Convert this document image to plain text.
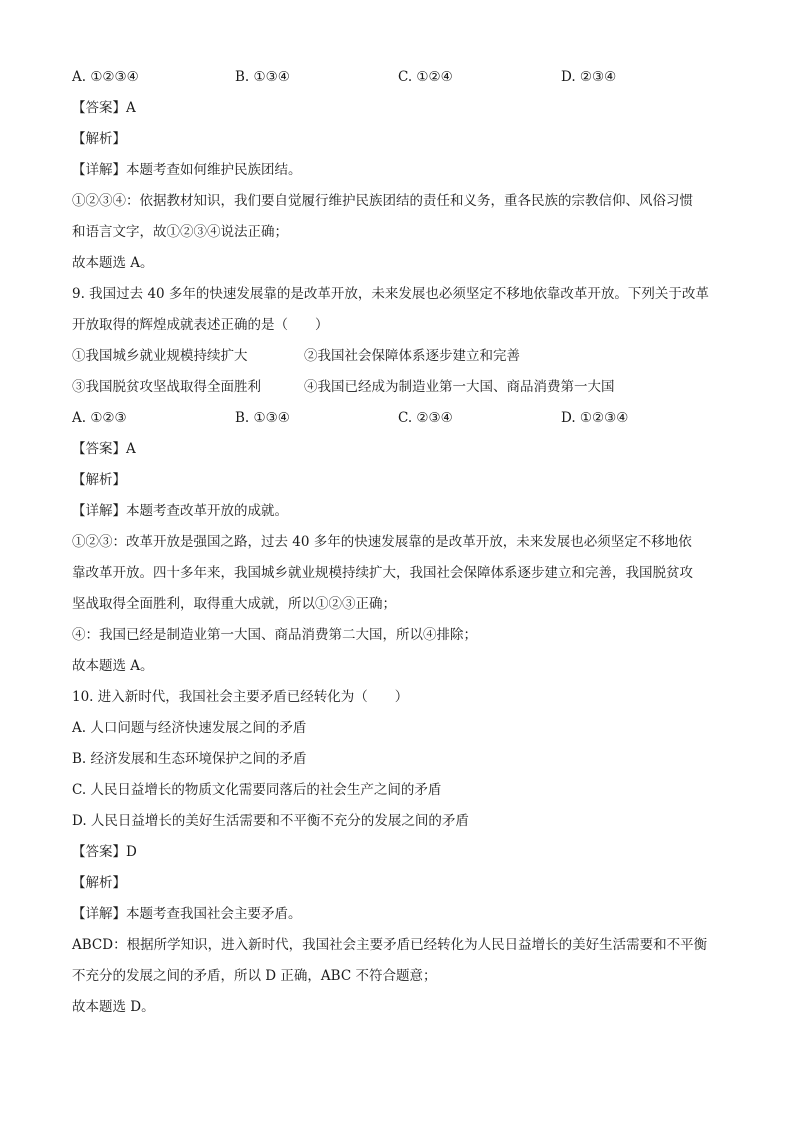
A. ①②③④	B. ①③④	C. ①②④	D. ②③④
【答案】A
【解析】
【详解】本题考查如何维护民族团结。
①②③④：依据教材知识，我们要自觉履行维护民族团结的责任和义务，重各民族的宗教信仰、风俗习惯
和语言文字，故①②③④说法正确；
故本题选 A。
9. 我国过去 40 多年的快速发展靠的是改革开放，未来发展也必须坚定不移地依靠改革开放。下列关于改革
开放取得的辉煌成就表述正确的是（　　）
①我国城乡就业规模持续扩大	②我国社会保障体系逐步建立和完善
③我国脱贫攻坚战取得全面胜利	④我国已经成为制造业第一大国、商品消费第一大国
A. ①②③	B. ①③④	C. ②③④	D. ①②③④
【答案】A
【解析】
【详解】本题考查改革开放的成就。
①②③：改革开放是强国之路，过去 40 多年的快速发展靠的是改革开放，未来发展也必须坚定不移地依
靠改革开放。四十多年来，我国城乡就业规模持续扩大，我国社会保障体系逐步建立和完善，我国脱贫攻
坚战取得全面胜利，取得重大成就，所以①②③正确；
④：我国已经是制造业第一大国、商品消费第二大国，所以④排除；
故本题选 A。
10. 进入新时代，我国社会主要矛盾已经转化为（　　）
A. 人口问题与经济快速发展之间的矛盾
B. 经济发展和生态环境保护之间的矛盾
C. 人民日益增长的物质文化需要同落后的社会生产之间的矛盾
D. 人民日益增长的美好生活需要和不平衡不充分的发展之间的矛盾
【答案】D
【解析】
【详解】本题考查我国社会主要矛盾。
ABCD：根据所学知识，进入新时代，我国社会主要矛盾已经转化为人民日益增长的美好生活需要和不平衡
不充分的发展之间的矛盾，所以 D 正确，ABC 不符合题意；
故本题选 D。
